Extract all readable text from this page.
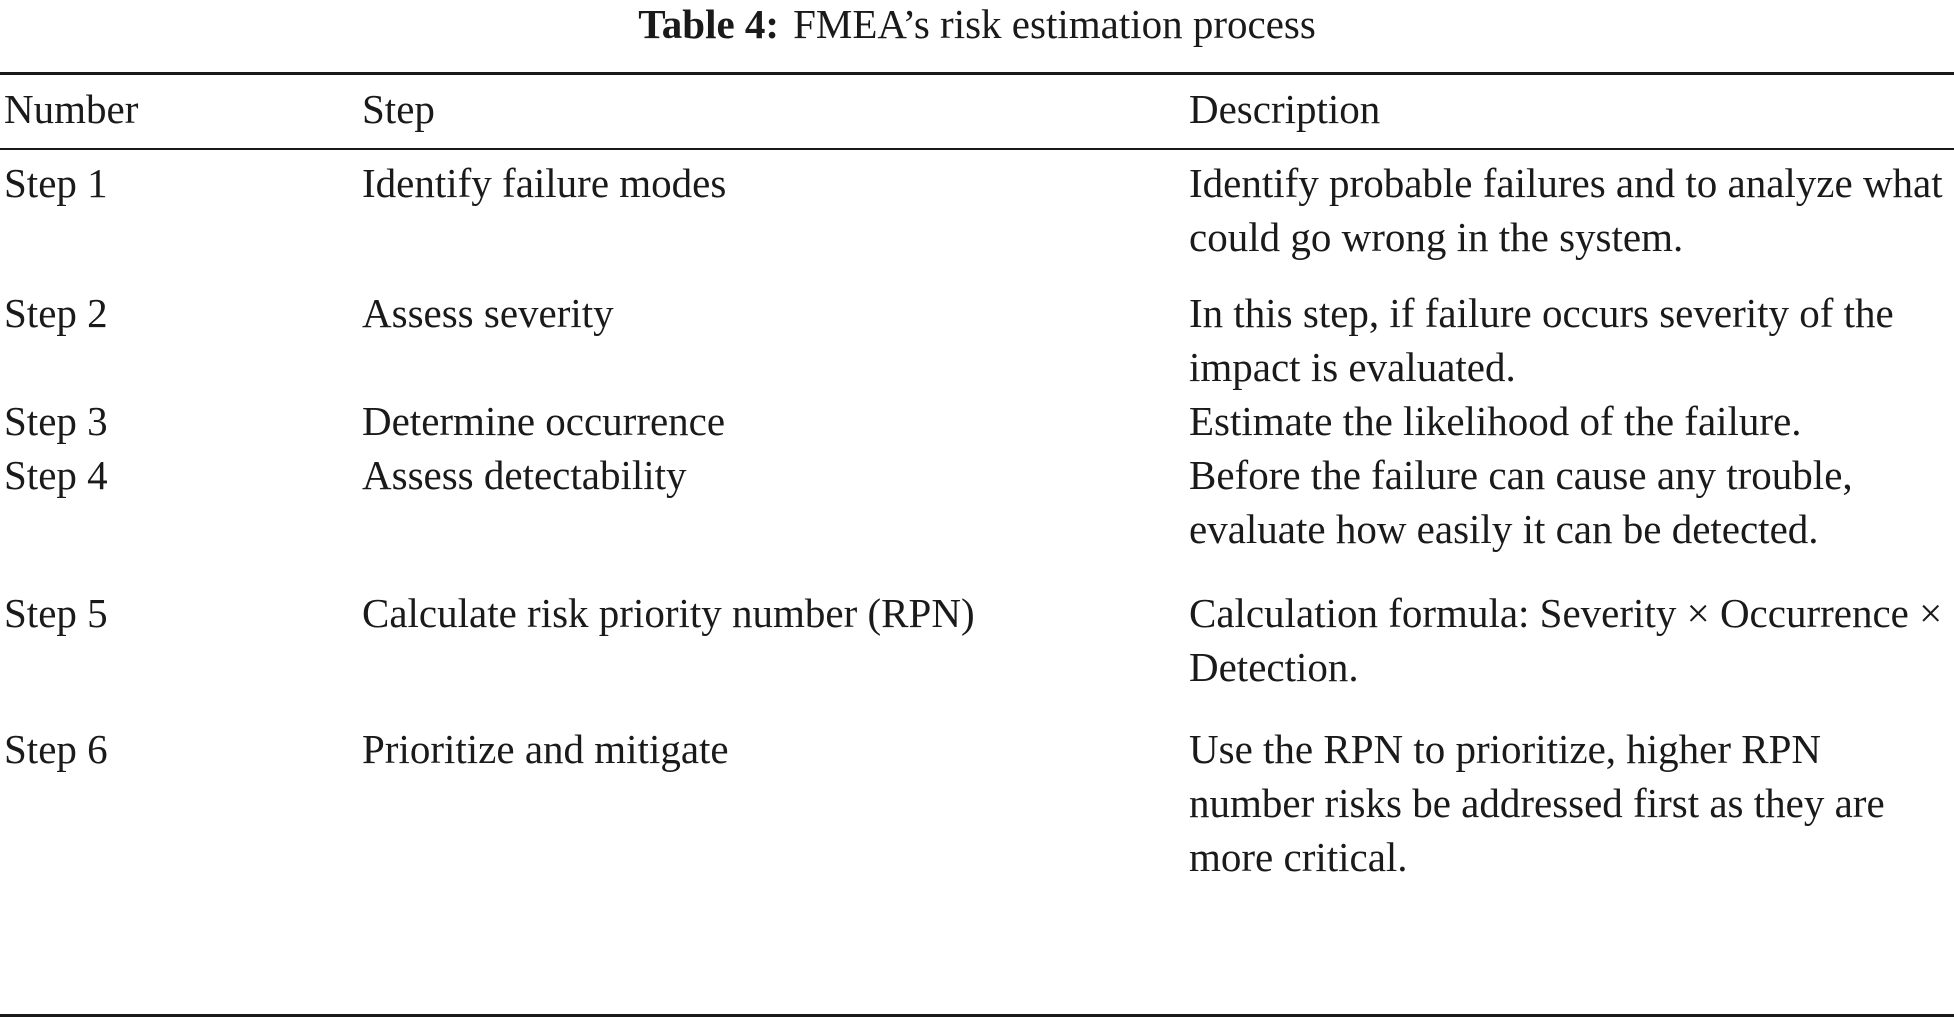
Table 4: FMEA’s risk estimation process
Number	Step	Description
Step 1	Identify failure modes	Identify probable failures and to analyze what could go wrong in the system.
Step 2	Assess severity	In this step, if failure occurs severity of the impact is evaluated.
Step 3	Determine occurrence	Estimate the likelihood of the failure.
Step 4	Assess detectability	Before the failure can cause any trouble, evaluate how easily it can be detected.
Step 5	Calculate risk priority number (RPN)	Calculation formula: Severity × Occurrence × Detection.
Step 6	Prioritize and mitigate	Use the RPN to prioritize, higher RPN number risks be addressed first as they are more critical.
